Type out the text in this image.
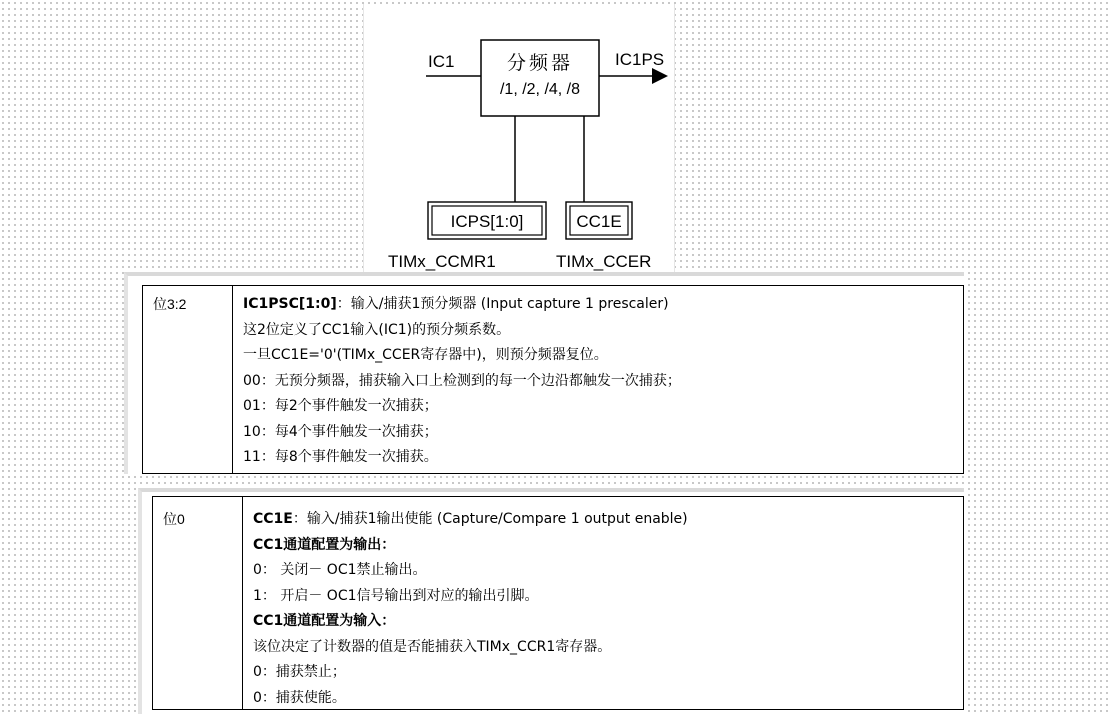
IC1	IC1PS
分频器
/1, /2, /4, /8
ICPS[1:0]	CC1E
TIMx_CCMR1	TIMx_CCER
位3:2	IC1PSC[1:0]：输入/捕获1预分频器 (Input capture 1 prescaler)
这2位定义了CC1输入(IC1)的预分频系数。
一旦CC1E='0'(TIMx_CCER寄存器中)，则预分频器复位。
00：无预分频器，捕获输入口上检测到的每一个边沿都触发一次捕获；
01：每2个事件触发一次捕获；
10：每4个事件触发一次捕获；
11：每8个事件触发一次捕获。
位0	CC1E：输入/捕获1输出使能 (Capture/Compare 1 output enable)
CC1通道配置为输出：
0： 关闭－ OC1禁止输出。
1： 开启－ OC1信号输出到对应的输出引脚。
CC1通道配置为输入：
该位决定了计数器的值是否能捕获入TIMx_CCR1寄存器。
0：捕获禁止；
0：捕获使能。
